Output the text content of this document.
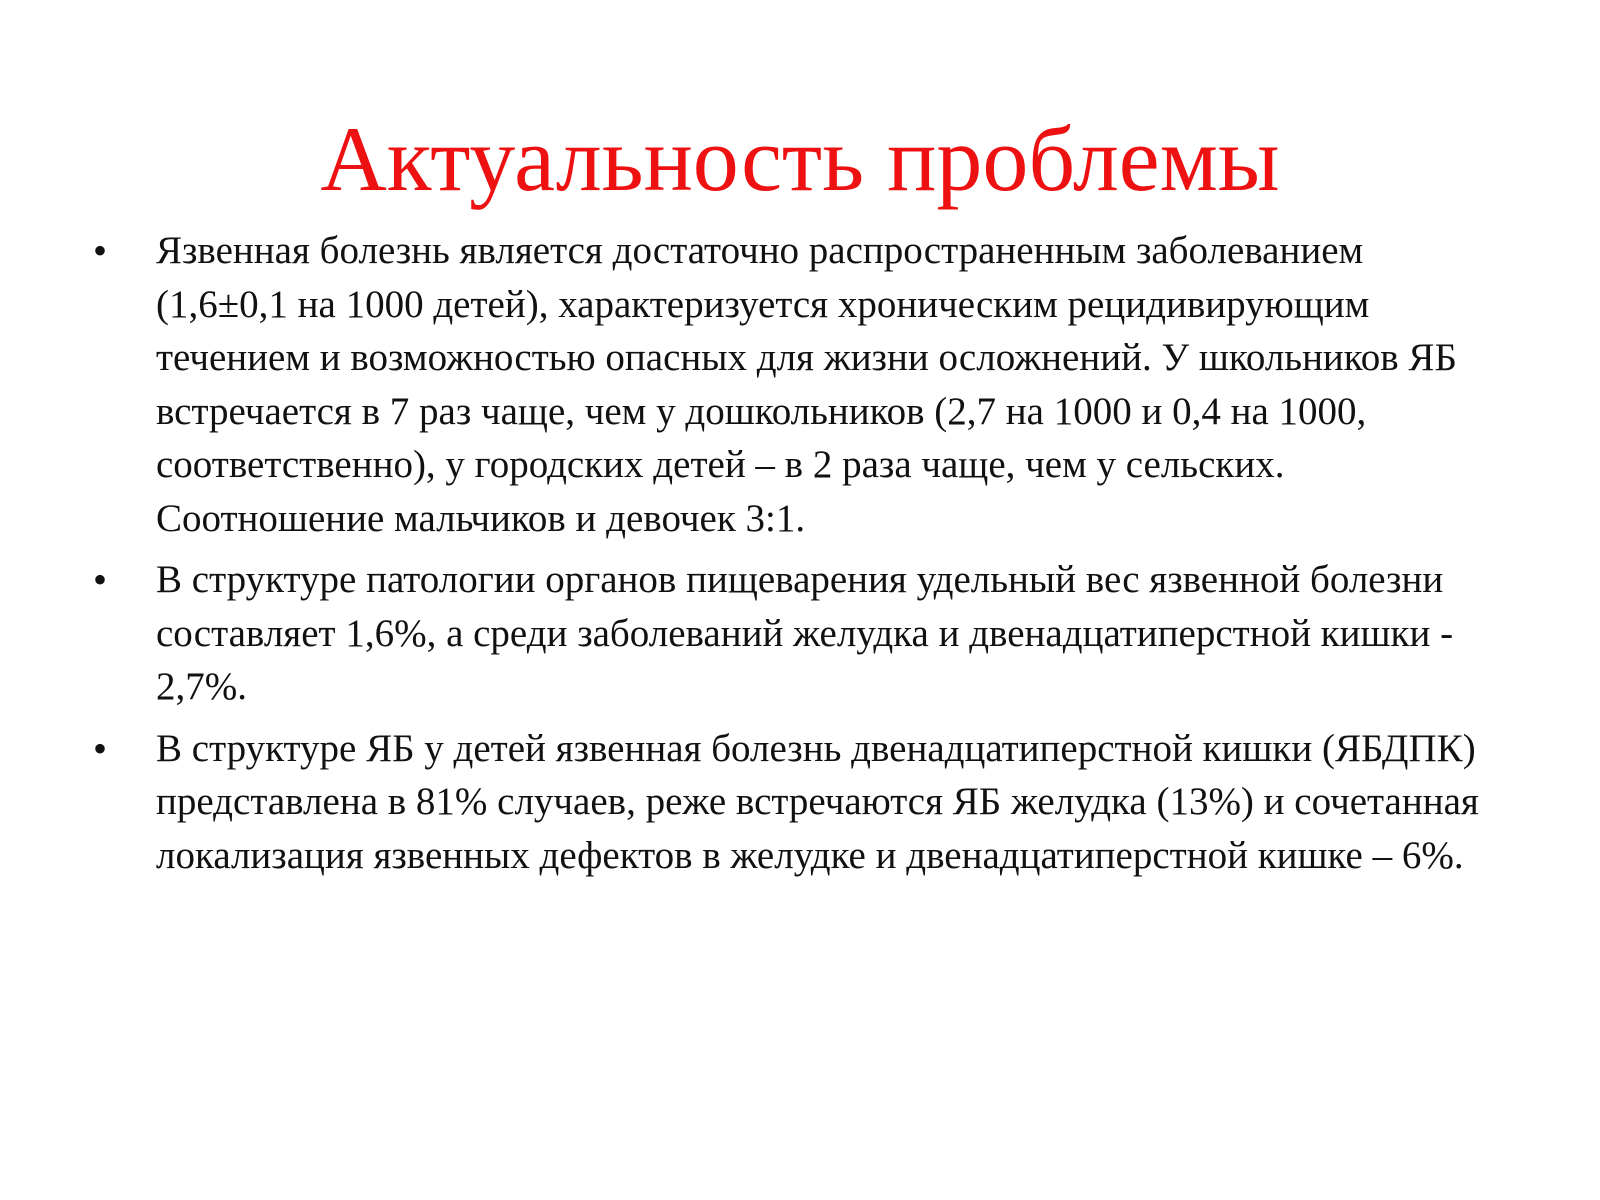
Актуальность проблемы
• Язвенная болезнь является достаточно распространенным заболеванием (1,6±0,1 на 1000 детей), характеризуется хроническим рецидивирующим течением и возможностью опасных для жизни осложнений. У школьников ЯБ встречается в 7 раз чаще, чем у дошкольников (2,7 на 1000 и 0,4 на 1000, соответственно), у городских детей – в 2 раза чаще, чем у сельских. Соотношение мальчиков и девочек 3:1.
• В структуре патологии органов пищеварения удельный вес язвенной болезни составляет 1,6%, а среди заболеваний желудка и двенадцатиперстной кишки - 2,7%.
• В структуре ЯБ у детей язвенная болезнь двенадцатиперстной кишки (ЯБДПК) представлена в 81% случаев, реже встречаются ЯБ желудка (13%) и сочетанная локализация язвенных дефектов в желудке и двенадцатиперстной кишке – 6%.
